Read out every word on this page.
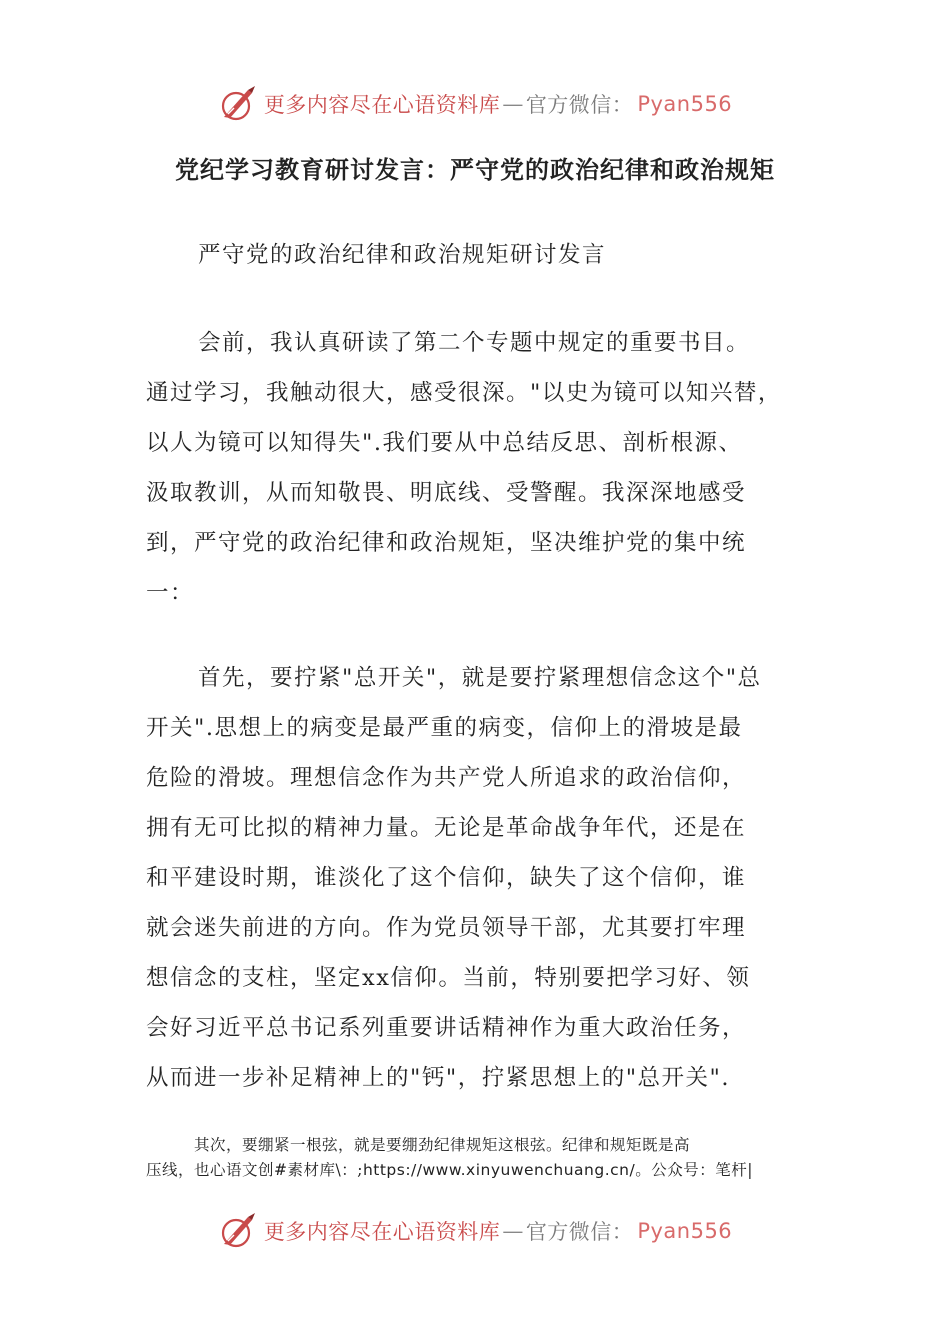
更多内容尽在心语资料库 — 官方微信： Pyan556
党纪学习教育研讨发言：严守党的政治纪律和政治规矩
严守党的政治纪律和政治规矩研讨发言
会前，我认真研读了第二个专题中规定的重要书目。
通过学习，我触动很大，感受很深。"以史为镜可以知兴替，
以人为镜可以知得失".我们要从中总结反思、剖析根源、
汲取教训，从而知敬畏、明底线、受警醒。我深深地感受
到，严守党的政治纪律和政治规矩，坚决维护党的集中统
一：
首先，要拧紧"总开关"，就是要拧紧理想信念这个"总
开关".思想上的病变是最严重的病变，信仰上的滑坡是最
危险的滑坡。理想信念作为共产党人所追求的政治信仰，
拥有无可比拟的精神力量。无论是革命战争年代，还是在
和平建设时期，谁淡化了这个信仰，缺失了这个信仰，谁
就会迷失前进的方向。作为党员领导干部，尤其要打牢理
想信念的支柱，坚定xx信仰。当前，特别要把学习好、领
会好习近平总书记系列重要讲话精神作为重大政治任务，
从而进一步补足精神上的"钙"，拧紧思想上的"总开关".
其次，要绷紧一根弦，就是要绷劲纪律规矩这根弦。纪律和规矩既是高
压线，也心语文创#素材库\：;https://www.xinyuwenchuang.cn/。公众号：笔杆|
更多内容尽在心语资料库 — 官方微信： Pyan556
